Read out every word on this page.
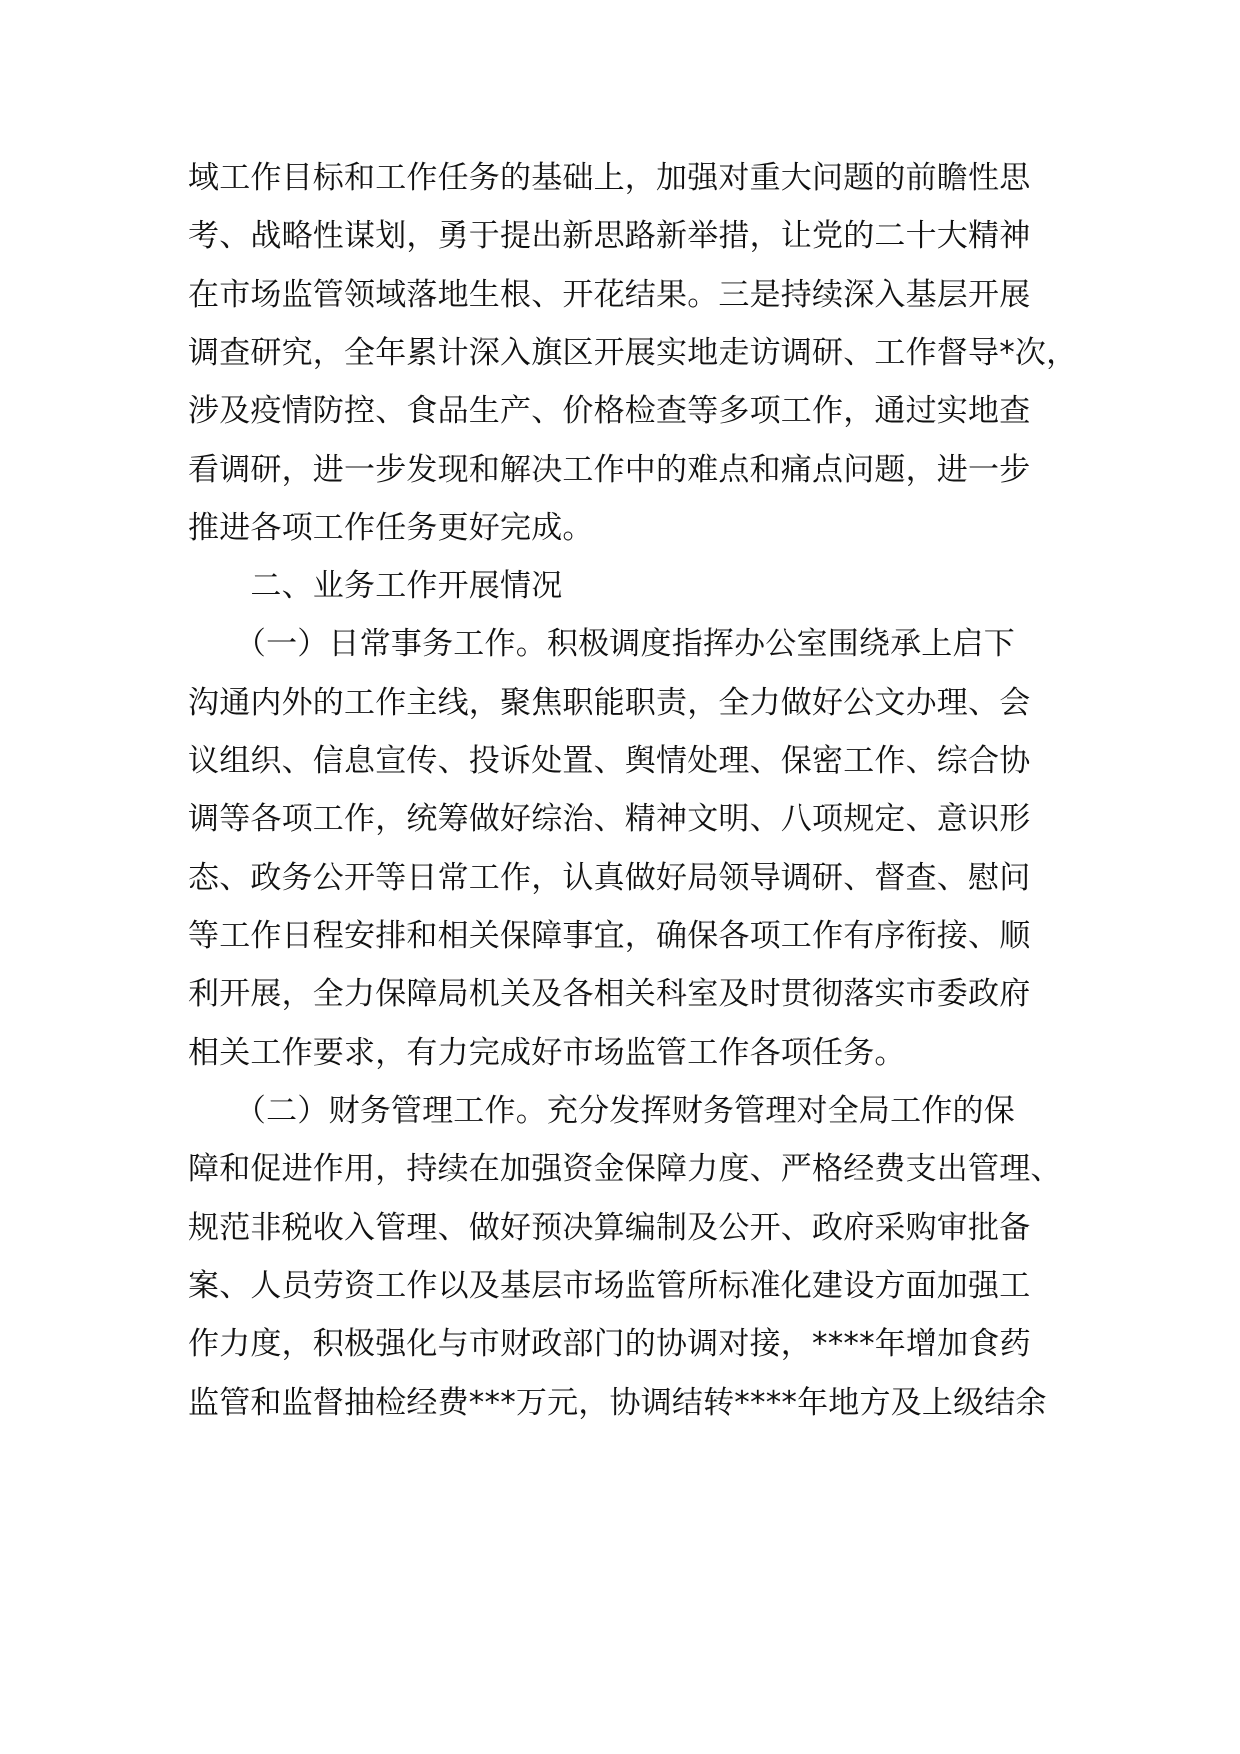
域工作目标和工作任务的基础上，加强对重大问题的前瞻性思
考、战略性谋划，勇于提出新思路新举措，让党的二十大精神
在市场监管领域落地生根、开花结果。三是持续深入基层开展
调查研究，全年累计深入旗区开展实地走访调研、工作督导*次，
涉及疫情防控、食品生产、价格检查等多项工作，通过实地查
看调研，进一步发现和解决工作中的难点和痛点问题，进一步
推进各项工作任务更好完成。
　　二、业务工作开展情况
　　（一）日常事务工作。积极调度指挥办公室围绕承上启下
沟通内外的工作主线，聚焦职能职责，全力做好公文办理、会
议组织、信息宣传、投诉处置、舆情处理、保密工作、综合协
调等各项工作，统筹做好综治、精神文明、八项规定、意识形
态、政务公开等日常工作，认真做好局领导调研、督查、慰问
等工作日程安排和相关保障事宜，确保各项工作有序衔接、顺
利开展，全力保障局机关及各相关科室及时贯彻落实市委政府
相关工作要求，有力完成好市场监管工作各项任务。
　　（二）财务管理工作。充分发挥财务管理对全局工作的保
障和促进作用，持续在加强资金保障力度、严格经费支出管理、
规范非税收入管理、做好预决算编制及公开、政府采购审批备
案、人员劳资工作以及基层市场监管所标准化建设方面加强工
作力度，积极强化与市财政部门的协调对接，****年增加食药
监管和监督抽检经费***万元，协调结转****年地方及上级结余
